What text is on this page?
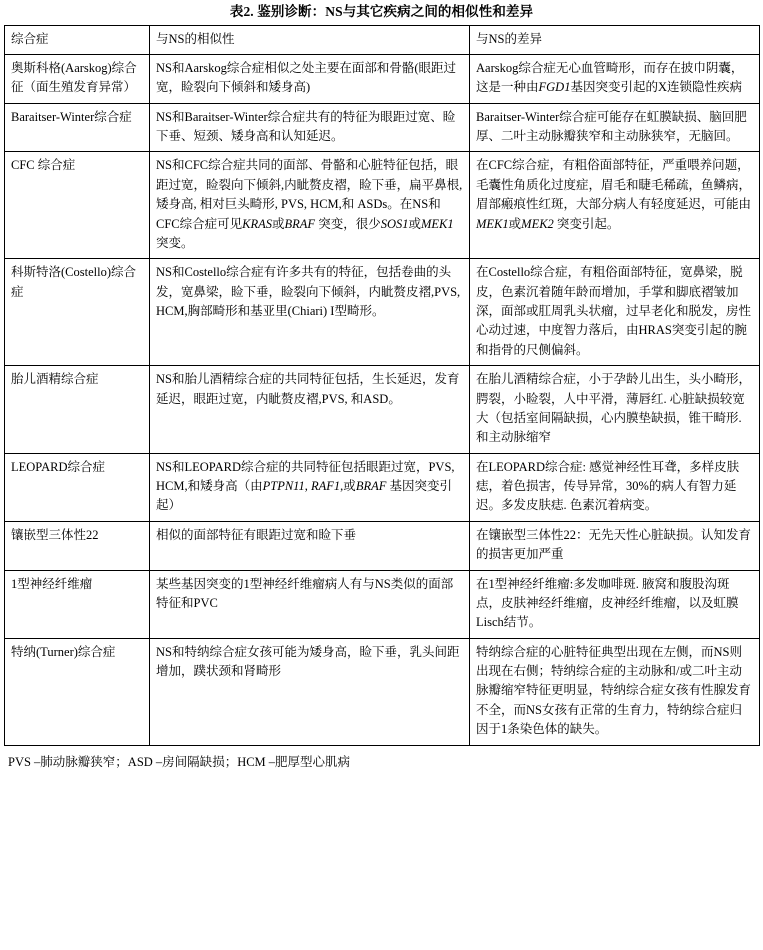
表2. 鉴别诊断：NS与其它疾病之间的相似性和差异
综合症	与NS的相似性	与NS的差异
奥斯科格(Aarskog)综合征（面生殖发育异常）	NS和Aarskog综合症相似之处主要在面部和骨骼(眼距过宽，睑裂向下倾斜和矮身高)	Aarskog综合症无心血管畸形，而存在披巾阴囊，这是一种由FGD1基因突变引起的X连锁隐性疾病
Baraitser-Winter综合症	NS和Baraitser-Winter综合症共有的特征为眼距过宽、睑下垂、短颈、矮身高和认知延迟。	Baraitser-Winter综合症可能存在虹膜缺损、脑回肥厚、二叶主动脉瓣狭窄和主动脉狭窄，无脑回。
CFC 综合症	NS和CFC综合症共同的面部、骨骼和心脏特征包括，眼距过宽，睑裂向下倾斜,内眦赘皮褶，睑下垂，扁平鼻根, 矮身高, 相对巨头畸形, PVS, HCM,和 ASDs。在NS和CFC综合症可见KRAS或BRAF 突变，很少SOS1或MEK1突变。	在CFC综合症，有粗俗面部特征，严重喂养问题，毛囊性角质化过度症，眉毛和睫毛稀疏，鱼鳞病，眉部瘢痕性红斑，大部分病人有轻度延迟，可能由MEK1或MEK2 突变引起。
科斯特洛(Costello)综合症	NS和Costello综合症有许多共有的特征，包括卷曲的头发，宽鼻梁，睑下垂，睑裂向下倾斜，内眦赘皮褶,PVS, HCM,胸部畸形和基亚里(Chiari) I型畸形。	在Costello综合症，有粗俗面部特征，宽鼻梁，脱皮，色素沉着随年龄而增加，手掌和脚底褶皱加深，面部或肛周乳头状瘤，过早老化和脱发，房性心动过速，中度智力落后，由HRAS突变引起的腕和指骨的尺侧偏斜。
胎儿酒精综合症	NS和胎儿酒精综合症的共同特征包括，生长延迟，发育延迟，眼距过宽，内眦赘皮褶,PVS, 和ASD。	在胎儿酒精综合症，小于孕龄儿出生，头小畸形，腭裂，小睑裂，人中平滑，薄唇红. 心脏缺损较宽大（包括室间隔缺损，心内膜垫缺损，锥干畸形. 和主动脉缩窄
LEOPARD综合症	NS和LEOPARD综合症的共同特征包括眼距过宽，PVS, HCM,和矮身高（由PTPN11, RAF1,或BRAF 基因突变引起）	在LEOPARD综合症: 感觉神经性耳聋，多样皮肤痣，着色损害，传导异常，30%的病人有智力延迟。多发皮肤痣. 色素沉着病变。
镶嵌型三体性22	相似的面部特征有眼距过宽和睑下垂	在镶嵌型三体性22：无先天性心脏缺损。认知发育的损害更加严重
1型神经纤维瘤	某些基因突变的1型神经纤维瘤病人有与NS类似的面部特征和PVC	在1型神经纤维瘤:多发咖啡斑. 腋窝和腹股沟斑点，皮肤神经纤维瘤，皮神经纤维瘤，以及虹膜Lisch结节。
特纳(Turner)综合症	NS和特纳综合症女孩可能为矮身高，睑下垂，乳头间距增加，蹼状颈和肾畸形	特纳综合症的心脏特征典型出现在左侧，而NS则出现在右侧；特纳综合症的主动脉和/或二叶主动脉瓣缩窄特征更明显，特纳综合症女孩有性腺发育不全，而NS女孩有正常的生育力，特纳综合症归因于1条染色体的缺失。
PVS –肺动脉瓣狭窄；ASD –房间隔缺损；HCM –肥厚型心肌病
